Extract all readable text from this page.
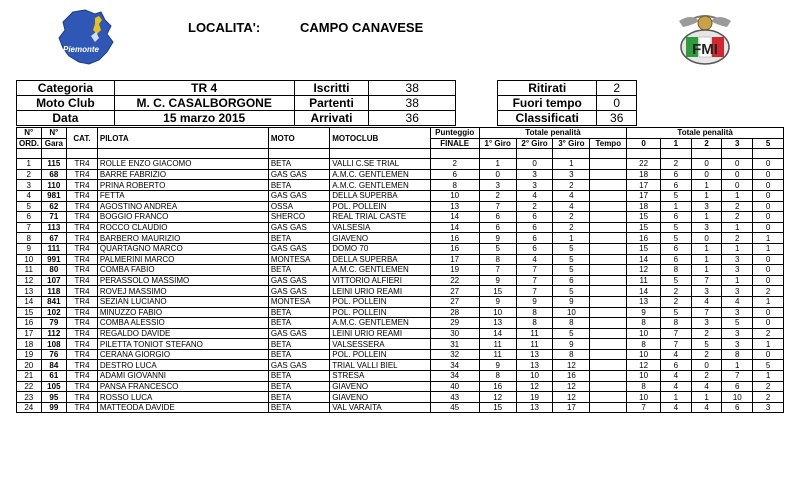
Piemonte
LOCALITA':	CAMPO CANAVESE
FMI
Categoria	TR 4	Iscritti	38
Moto Club	M. C. CASALBORGONE	Partenti	38
Data	15 marzo 2015	Arrivati	36
Ritirati	2
Fuori tempo	0
Classificati	36
N°	N°	CAT.	PILOTA	MOTO	MOTOCLUB	Punteggio	Totale penalità				Totale penalità				
ORD.	Gara					FINALE	1° Giro	2° Giro	3° Giro	Tempo	0	1	2	3	5

1	115	TR4	ROLLE ENZO GIACOMO	BETA	VALLI C.SE TRIAL	2	1	0	1		22	2	0	0	0
2	68	TR4	BARRE FABRIZIO	GAS GAS	A.M.C. GENTLEMEN	6	0	3	3		18	6	0	0	0
3	110	TR4	PRINA ROBERTO	BETA	A.M.C. GENTLEMEN	8	3	3	2		17	6	1	0	0
4	981	TR4	FETTA	GAS GAS	DELLA SUPERBA	10	2	4	4		17	5	1	1	0
5	62	TR4	AGOSTINO ANDREA	OSSA	POL. POLLEIN	13	7	2	4		18	1	3	2	0
6	71	TR4	BOGGIO FRANCO	SHERCO	REAL TRIAL CASTE	14	6	6	2		15	6	1	2	0
7	113	TR4	ROCCO CLAUDIO	GAS GAS	VALSESIA	14	6	6	2		15	5	3	1	0
8	67	TR4	BARBERO MAURIZIO	BETA	GIAVENO	16	9	6	1		16	5	0	2	1
9	111	TR4	QUARTAGNO MARCO	GAS GAS	DOMO 70	16	5	6	5		15	6	1	1	1
10	991	TR4	PALMERINI MARCO	MONTESA	DELLA SUPERBA	17	8	4	5		14	6	1	3	0
11	80	TR4	COMBA FABIO	BETA	A.M.C. GENTLEMEN	19	7	7	5		12	8	1	3	0
12	107	TR4	PERASSOLO MASSIMO	GAS GAS	VITTORIO ALFIERI	22	9	7	6		11	5	7	1	0
13	118	TR4	ROVEJ MASSIMO	GAS GAS	LEINI URIO REAMI	27	15	7	5		14	2	3	3	2
14	841	TR4	SEZIAN LUCIANO	MONTESA	POL. POLLEIN	27	9	9	9		13	2	4	4	1
15	102	TR4	MINUZZO FABIO	BETA	POL. POLLEIN	28	10	8	10		9	5	7	3	0
16	79	TR4	COMBA ALESSIO	BETA	A.M.C. GENTLEMEN	29	13	8	8		8	8	3	5	0
17	112	TR4	REGALDO DAVIDE	GAS GAS	LEINI URIO REAMI	30	14	11	5		10	7	2	3	2
18	108	TR4	PILETTA TONIOT STEFANO	BETA	VALSESSERA	31	11	11	9		8	7	5	3	1
19	76	TR4	CERANA GIORGIO	BETA	POL. POLLEIN	32	11	13	8		10	4	2	8	0
20	84	TR4	DESTRO LUCA	GAS GAS	TRIAL VALLI BIEL	34	9	13	12		12	6	0	1	5
21	61	TR4	ADAMI GIOVANNI	BETA	STRESA	34	8	10	16		10	4	2	7	1
22	105	TR4	PANSA FRANCESCO	BETA	GIAVENO	40	16	12	12		8	4	4	6	2
23	95	TR4	ROSSO LUCA	BETA	GIAVENO	43	12	19	12		10	1	1	10	2
24	99	TR4	MATTEODA DAVIDE	BETA	VAL VARAITA	45	15	13	17		7	4	4	6	3
